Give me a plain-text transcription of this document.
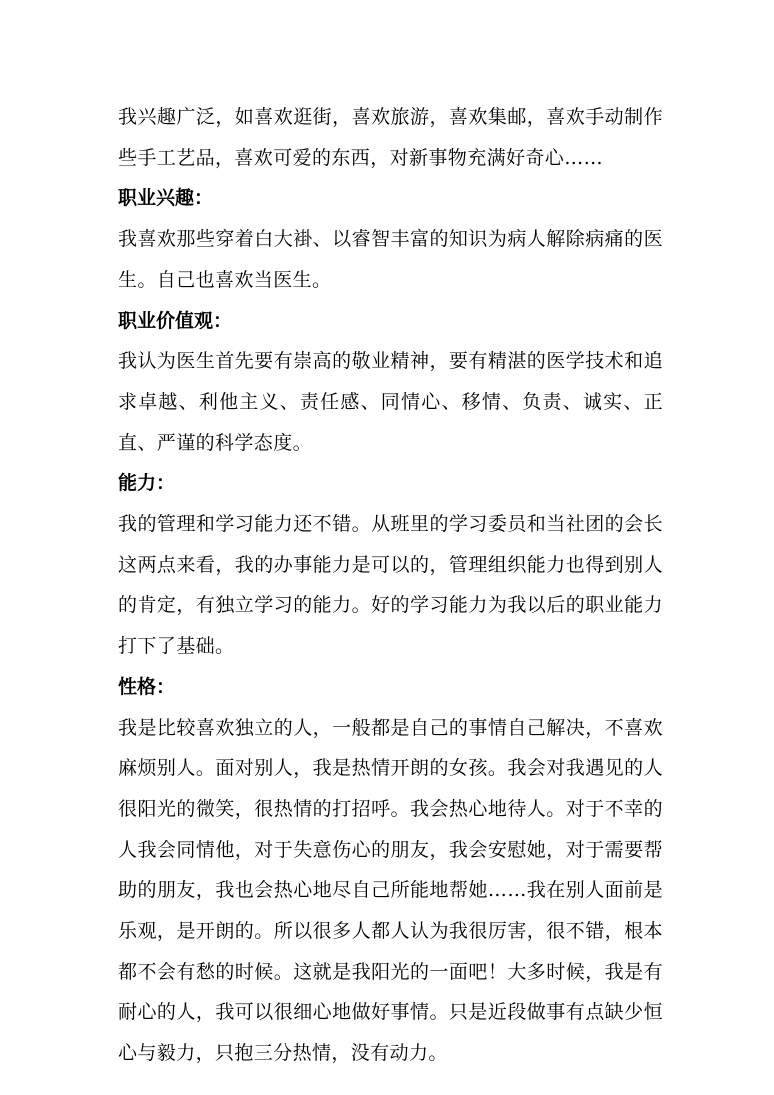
我兴趣广泛，如喜欢逛街，喜欢旅游，喜欢集邮，喜欢手动制作些手工艺品，喜欢可爱的东西，对新事物充满好奇心……

职业兴趣：

我喜欢那些穿着白大褂、以睿智丰富的知识为病人解除病痛的医生。自己也喜欢当医生。

职业价值观：

我认为医生首先要有崇高的敬业精神，要有精湛的医学技术和追求卓越、利他主义、责任感、同情心、移情、负责、诚实、正直、严谨的科学态度。

能力：

我的管理和学习能力还不错。从班里的学习委员和当社团的会长这两点来看，我的办事能力是可以的，管理组织能力也得到别人的肯定，有独立学习的能力。好的学习能力为我以后的职业能力打下了基础。

性格：

我是比较喜欢独立的人，一般都是自己的事情自己解决，不喜欢麻烦别人。面对别人，我是热情开朗的女孩。我会对我遇见的人很阳光的微笑，很热情的打招呼。我会热心地待人。对于不幸的人我会同情他，对于失意伤心的朋友，我会安慰她，对于需要帮助的朋友，我也会热心地尽自己所能地帮她……我在别人面前是乐观，是开朗的。所以很多人都人认为我很厉害，很不错，根本都不会有愁的时候。这就是我阳光的一面吧！大多时候，我是有耐心的人，我可以很细心地做好事情。只是近段做事有点缺少恒心与毅力，只抱三分热情，没有动力。
